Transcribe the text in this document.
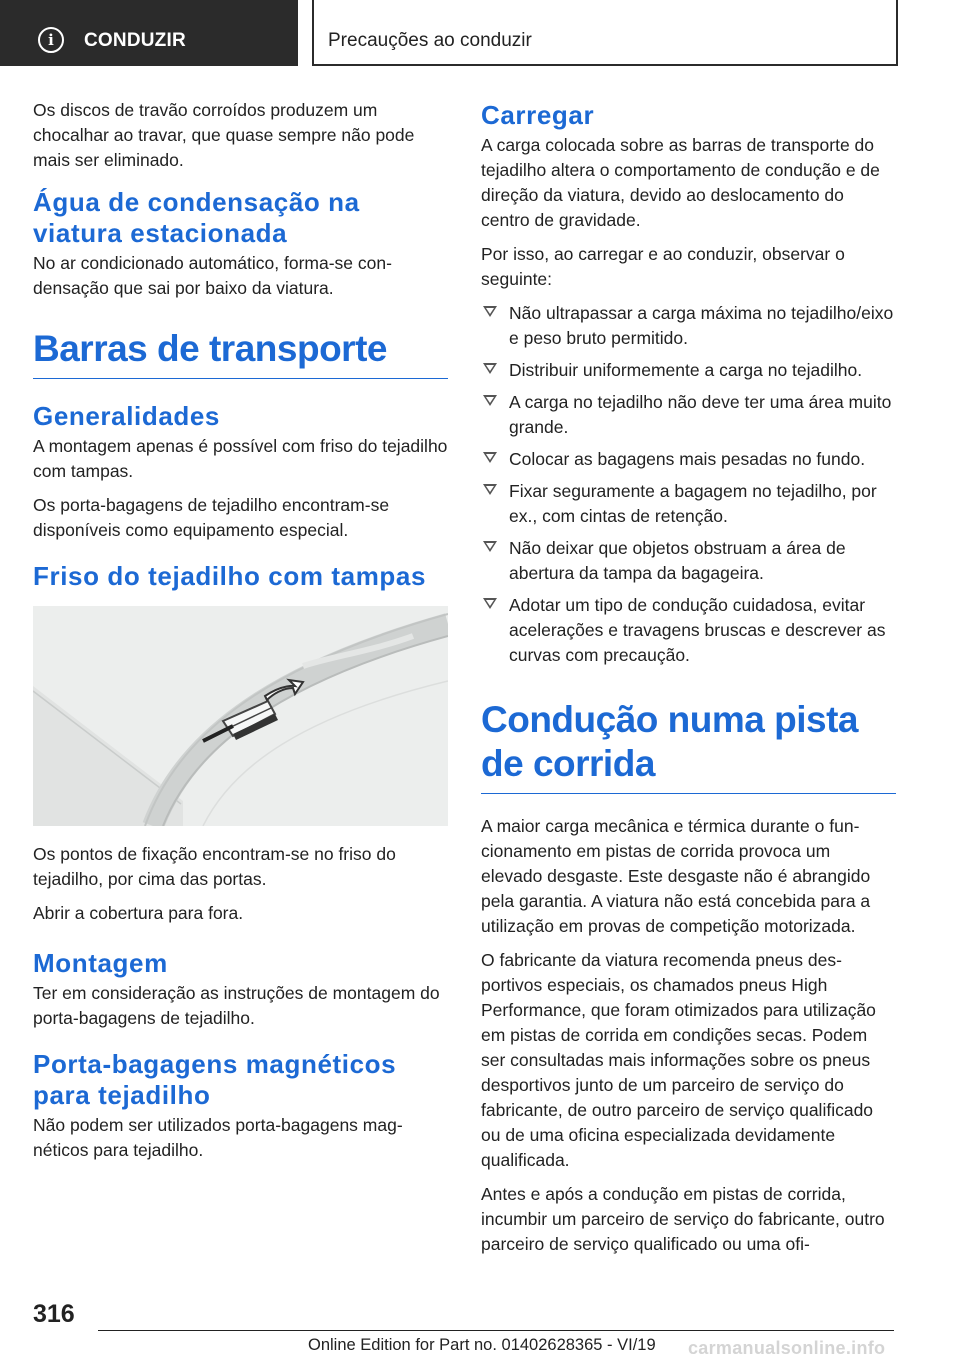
i	CONDUZIR	Precauções ao conduzir

Os discos de travão corroídos produzem um chocalhar ao travar, que quase sempre não pode mais ser eliminado.

Água de condensação na viatura estacionada

No ar condicionado automático, forma-se condensação que sai por baixo da viatura.

Barras de transporte
Generalidades

A montagem apenas é possível com friso do tejadilho com tampas.

Os porta-bagagens de tejadilho encontram-se disponíveis como equipamento especial.

Friso do tejadilho com tampas

Os pontos de fixação encontram-se no friso do tejadilho, por cima das portas.

Abrir a cobertura para fora.

Montagem

Ter em consideração as instruções de montagem do porta-bagagens de tejadilho.

Porta-bagagens magnéticos para tejadilho

Não podem ser utilizados porta-bagagens magnéticos para tejadilho.

Carregar

A carga colocada sobre as barras de transporte do tejadilho altera o comportamento de condução e de direção da viatura, devido ao deslocamento do centro de gravidade.

Por isso, ao carregar e ao conduzir, observar o seguinte:

Não ultrapassar a carga máxima no tejadilho/eixo e peso bruto permitido.
Distribuir uniformemente a carga no tejadilho.
A carga no tejadilho não deve ter uma área muito grande.
Colocar as bagagens mais pesadas no fundo.
Fixar seguramente a bagagem no tejadilho, por ex., com cintas de retenção.
Não deixar que objetos obstruam a área de abertura da tampa da bagageira.
Adotar um tipo de condução cuidadosa, evitar acelerações e travagens bruscas e descrever as curvas com precaução.
Condução numa pista de corrida

A maior carga mecânica e térmica durante o funcionamento em pistas de corrida provoca um elevado desgaste. Este desgaste não é abrangido pela garantia. A viatura não está concebida para a utilização em provas de competição motorizada.

O fabricante da viatura recomenda pneus desportivos especiais, os chamados pneus High Performance, que foram otimizados para utilização em pistas de corrida em condições secas. Podem ser consultadas mais informações sobre os pneus desportivos junto de um parceiro de serviço do fabricante, de outro parceiro de serviço qualificado ou de uma oficina especializada devidamente qualificada.

Antes e após a condução em pistas de corrida, incumbir um parceiro de serviço do fabricante, outro parceiro de serviço qualificado ou uma ofi-

316
Online Edition for Part no. 01402628365 - VI/19 carmanualsonline.info
